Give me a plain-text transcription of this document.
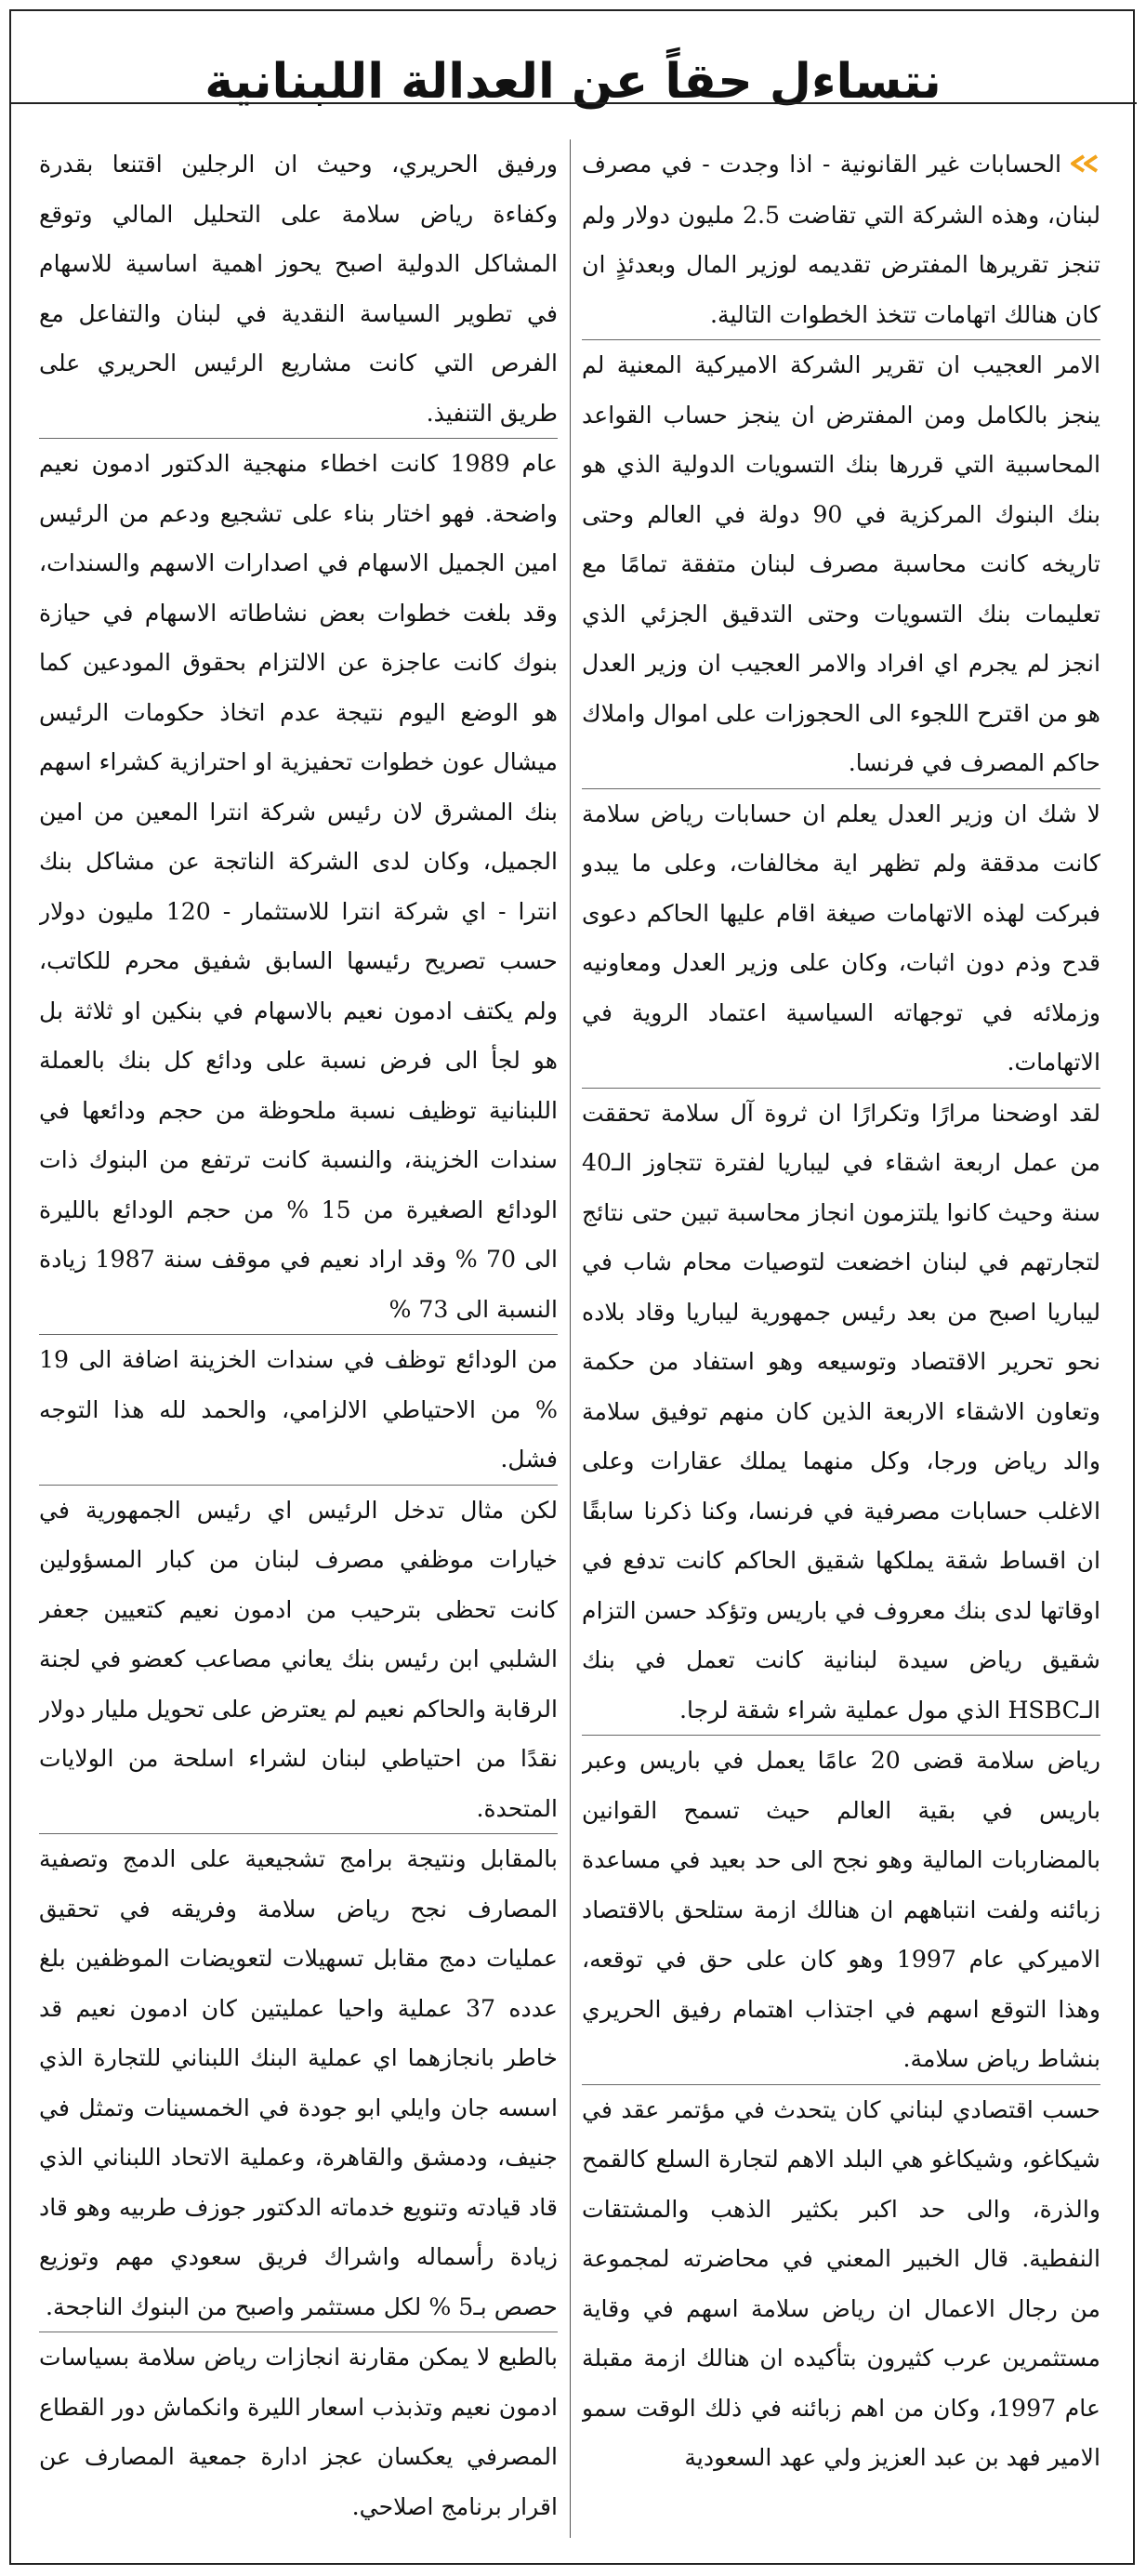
نتساءل حقاً عن العدالة اللبنانية

الحسابات غير القانونية - اذا وجدت - في مصرف لبنان، وهذه الشركة التي تقاضت 2.5 مليون دولار ولم تنجز تقريرها المفترض تقديمه لوزير المال وبعدئذٍ ان كان هنالك اتهامات تتخذ الخطوات التالية.

الامر العجيب ان تقرير الشركة الاميركية المعنية لم ينجز بالكامل ومن المفترض ان ينجز حساب القواعد المحاسبية التي قررها بنك التسويات الدولية الذي هو بنك البنوك المركزية في 90 دولة في العالم وحتى تاريخه كانت محاسبة مصرف لبنان متفقة تمامًا مع تعليمات بنك التسويات وحتى التدقيق الجزئي الذي انجز لم يجرم اي افراد والامر العجيب ان وزير العدل هو من اقترح اللجوء الى الحجوزات على اموال واملاك حاكم المصرف في فرنسا.

لا شك ان وزير العدل يعلم ان حسابات رياض سلامة كانت مدققة ولم تظهر اية مخالفات، وعلى ما يبدو فبركت لهذه الاتهامات صيغة اقام عليها الحاكم دعوى قدح وذم دون اثبات، وكان على وزير العدل ومعاونيه وزملائه في توجهاته السياسية اعتماد الروية في الاتهامات.

لقد اوضحنا مرارًا وتكرارًا ان ثروة آل سلامة تحققت من عمل اربعة اشقاء في ليباريا لفترة تتجاوز الـ40 سنة وحيث كانوا يلتزمون انجاز محاسبة تبين حتى نتائج لتجارتهم في لبنان اخضعت لتوصيات محام شاب في ليباريا اصبح من بعد رئيس جمهورية ليباريا وقاد بلاده نحو تحرير الاقتصاد وتوسيعه وهو استفاد من حكمة وتعاون الاشقاء الاربعة الذين كان منهم توفيق سلامة والد رياض ورجا، وكل منهما يملك عقارات وعلى الاغلب حسابات مصرفية في فرنسا، وكنا ذكرنا سابقًا ان اقساط شقة يملكها شقيق الحاكم كانت تدفع في اوقاتها لدى بنك معروف في باريس وتؤكد حسن التزام شقيق رياض سيدة لبنانية كانت تعمل في بنك الـHSBC الذي مول عملية شراء شقة لرجا.

رياض سلامة قضى 20 عامًا يعمل في باريس وعبر باريس في بقية العالم حيث تسمح القوانين بالمضاربات المالية وهو نجح الى حد بعيد في مساعدة زبائنه ولفت انتباههم ان هنالك ازمة ستلحق بالاقتصاد الاميركي عام 1997 وهو كان على حق في توقعه، وهذا التوقع اسهم في اجتذاب اهتمام رفيق الحريري بنشاط رياض سلامة.

حسب اقتصادي لبناني كان يتحدث في مؤتمر عقد في شيكاغو، وشيكاغو هي البلد الاهم لتجارة السلع كالقمح والذرة، والى حد اكبر بكثير الذهب والمشتقات النفطية. قال الخبير المعني في محاضرته لمجموعة من رجال الاعمال ان رياض سلامة اسهم في وقاية مستثمرين عرب كثيرون بتأكيده ان هنالك ازمة مقبلة عام 1997، وكان من اهم زبائنه في ذلك الوقت سمو الامير فهد بن عبد العزيز ولي عهد السعودية

ورفيق الحريري، وحيث ان الرجلين اقتنعا بقدرة وكفاءة رياض سلامة على التحليل المالي وتوقع المشاكل الدولية اصبح يحوز اهمية اساسية للاسهام في تطوير السياسة النقدية في لبنان والتفاعل مع الفرص التي كانت مشاريع الرئيس الحريري على طريق التنفيذ.

عام 1989 كانت اخطاء منهجية الدكتور ادمون نعيم واضحة. فهو اختار بناء على تشجيع ودعم من الرئيس امين الجميل الاسهام في اصدارات الاسهم والسندات، وقد بلغت خطوات بعض نشاطاته الاسهام في حيازة بنوك كانت عاجزة عن الالتزام بحقوق المودعين كما هو الوضع اليوم نتيجة عدم اتخاذ حكومات الرئيس ميشال عون خطوات تحفيزية او احترازية كشراء اسهم بنك المشرق لان رئيس شركة انترا المعين من امين الجميل، وكان لدى الشركة الناتجة عن مشاكل بنك انترا - اي شركة انترا للاستثمار - 120 مليون دولار حسب تصريح رئيسها السابق شفيق محرم للكاتب، ولم يكتف ادمون نعيم بالاسهام في بنكين او ثلاثة بل هو لجأ الى فرض نسبة على ودائع كل بنك بالعملة اللبنانية توظيف نسبة ملحوظة من حجم ودائعها في سندات الخزينة، والنسبة كانت ترتفع من البنوك ذات الودائع الصغيرة من 15 % من حجم الودائع بالليرة الى 70 % وقد اراد نعيم في موقف سنة 1987 زيادة النسبة الى 73 %

من الودائع توظف في سندات الخزينة اضافة الى 19 % من الاحتياطي الالزامي، والحمد لله هذا التوجه فشل.

لكن مثال تدخل الرئيس اي رئيس الجمهورية في خيارات موظفي مصرف لبنان من كبار المسؤولين كانت تحظى بترحيب من ادمون نعيم كتعيين جعفر الشلبي ابن رئيس بنك يعاني مصاعب كعضو في لجنة الرقابة والحاكم نعيم لم يعترض على تحويل مليار دولار نقدًا من احتياطي لبنان لشراء اسلحة من الولايات المتحدة.

بالمقابل ونتيجة برامج تشجيعية على الدمج وتصفية المصارف نجح رياض سلامة وفريقه في تحقيق عمليات دمج مقابل تسهيلات لتعويضات الموظفين بلغ عدده 37 عملية واحيا عمليتين كان ادمون نعيم قد خاطر بانجازهما اي عملية البنك اللبناني للتجارة الذي اسسه جان وايلي ابو جودة في الخمسينات وتمثل في جنيف، ودمشق والقاهرة، وعملية الاتحاد اللبناني الذي قاد قيادته وتنويع خدماته الدكتور جوزف طربيه وهو قاد زيادة رأسماله واشراك فريق سعودي مهم وتوزيع حصص بـ5 % لكل مستثمر واصبح من البنوك الناجحة.

بالطبع لا يمكن مقارنة انجازات رياض سلامة بسياسات ادمون نعيم وتذبذب اسعار الليرة وانكماش دور القطاع المصرفي يعكسان عجز ادارة جمعية المصارف عن اقرار برنامج اصلاحي.
